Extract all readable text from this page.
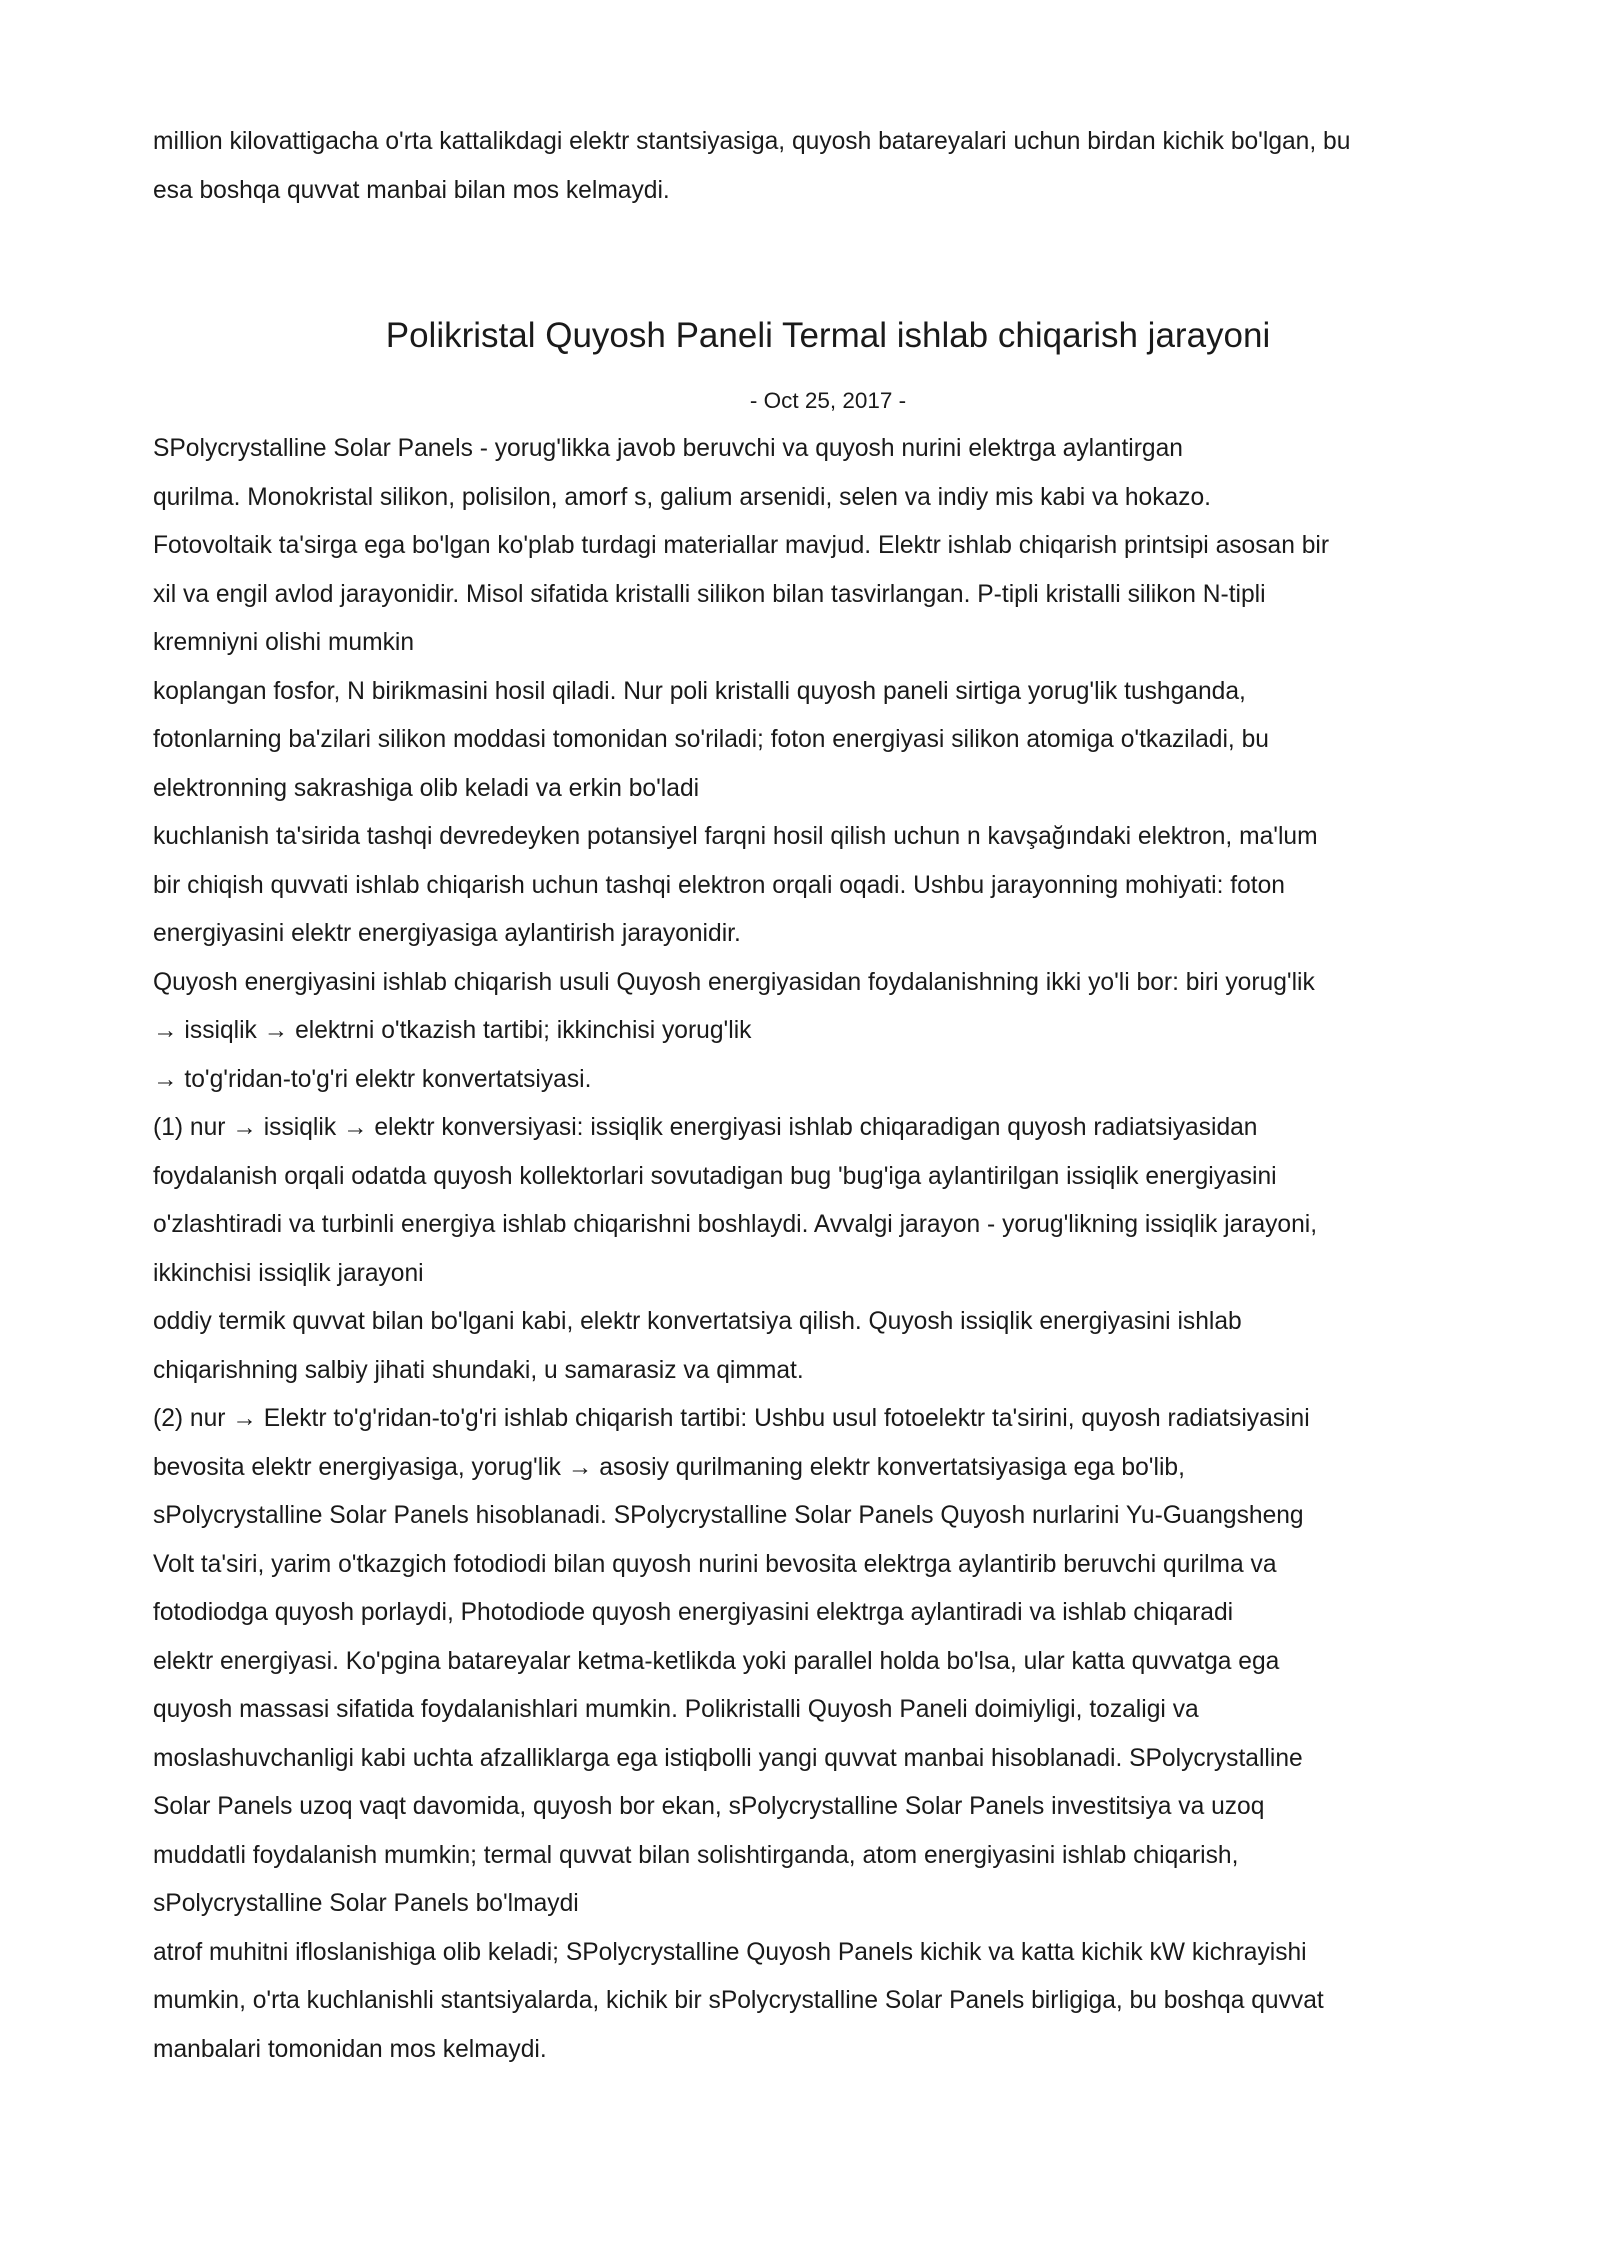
million kilovattigacha o'rta kattalikdagi elektr stantsiyasiga, quyosh batareyalari uchun birdan kichik bo'lgan, bu
esa boshqa quvvat manbai bilan mos kelmaydi.

Polikristal Quyosh Paneli Termal ishlab chiqarish jarayoni
- Oct 25, 2017 -

SPolycrystalline Solar Panels - yorug'likka javob beruvchi va quyosh nurini elektrga aylantirgan
qurilma. Monokristal silikon, polisilon, amorf s, galium arsenidi, selen va indiy mis kabi va hokazo.
Fotovoltaik ta'sirga ega bo'lgan ko'plab turdagi materiallar mavjud. Elektr ishlab chiqarish printsipi asosan bir
xil va engil avlod jarayonidir. Misol sifatida kristalli silikon bilan tasvirlangan. P-tipli kristalli silikon N-tipli
kremniyni olishi mumkin
koplangan fosfor, N birikmasini hosil qiladi. Nur poli kristalli quyosh paneli sirtiga yorug'lik tushganda,
fotonlarning ba'zilari silikon moddasi tomonidan so'riladi; foton energiyasi silikon atomiga o'tkaziladi, bu
elektronning sakrashiga olib keladi va erkin bo'ladi
kuchlanish ta'sirida tashqi devredeyken potansiyel farqni hosil qilish uchun n kavşağındaki elektron, ma'lum
bir chiqish quvvati ishlab chiqarish uchun tashqi elektron orqali oqadi. Ushbu jarayonning mohiyati: foton
energiyasini elektr energiyasiga aylantirish jarayonidir.
Quyosh energiyasini ishlab chiqarish usuli Quyosh energiyasidan foydalanishning ikki yo'li bor: biri yorug'lik
→ issiqlik → elektrni o'tkazish tartibi; ikkinchisi yorug'lik
→ to'g'ridan-to'g'ri elektr konvertatsiyasi.
(1) nur → issiqlik → elektr konversiyasi: issiqlik energiyasi ishlab chiqaradigan quyosh radiatsiyasidan
foydalanish orqali odatda quyosh kollektorlari sovutadigan bug 'bug'iga aylantirilgan issiqlik energiyasini
o'zlashtiradi va turbinli energiya ishlab chiqarishni boshlaydi. Avvalgi jarayon - yorug'likning issiqlik jarayoni,
ikkinchisi issiqlik jarayoni
oddiy termik quvvat bilan bo'lgani kabi, elektr konvertatsiya qilish. Quyosh issiqlik energiyasini ishlab
chiqarishning salbiy jihati shundaki, u samarasiz va qimmat.
(2) nur → Elektr to'g'ridan-to'g'ri ishlab chiqarish tartibi: Ushbu usul fotoelektr ta'sirini, quyosh radiatsiyasini
bevosita elektr energiyasiga, yorug'lik → asosiy qurilmaning elektr konvertatsiyasiga ega bo'lib,
sPolycrystalline Solar Panels hisoblanadi. SPolycrystalline Solar Panels Quyosh nurlarini Yu-Guangsheng
Volt ta'siri, yarim o'tkazgich fotodiodi bilan quyosh nurini bevosita elektrga aylantirib beruvchi qurilma va
fotodiodga quyosh porlaydi, Photodiode quyosh energiyasini elektrga aylantiradi va ishlab chiqaradi
elektr energiyasi. Ko'pgina batareyalar ketma-ketlikda yoki parallel holda bo'lsa, ular katta quvvatga ega
quyosh massasi sifatida foydalanishlari mumkin. Polikristalli Quyosh Paneli doimiyligi, tozaligi va
moslashuvchanligi kabi uchta afzalliklarga ega istiqbolli yangi quvvat manbai hisoblanadi. SPolycrystalline
Solar Panels uzoq vaqt davomida, quyosh bor ekan, sPolycrystalline Solar Panels investitsiya va uzoq
muddatli foydalanish mumkin; termal quvvat bilan solishtirganda, atom energiyasini ishlab chiqarish,
sPolycrystalline Solar Panels bo'lmaydi
atrof muhitni ifloslanishiga olib keladi; SPolycrystalline Quyosh Panels kichik va katta kichik kW kichrayishi
mumkin, o'rta kuchlanishli stantsiyalarda, kichik bir sPolycrystalline Solar Panels birligiga, bu boshqa quvvat
manbalari tomonidan mos kelmaydi.
